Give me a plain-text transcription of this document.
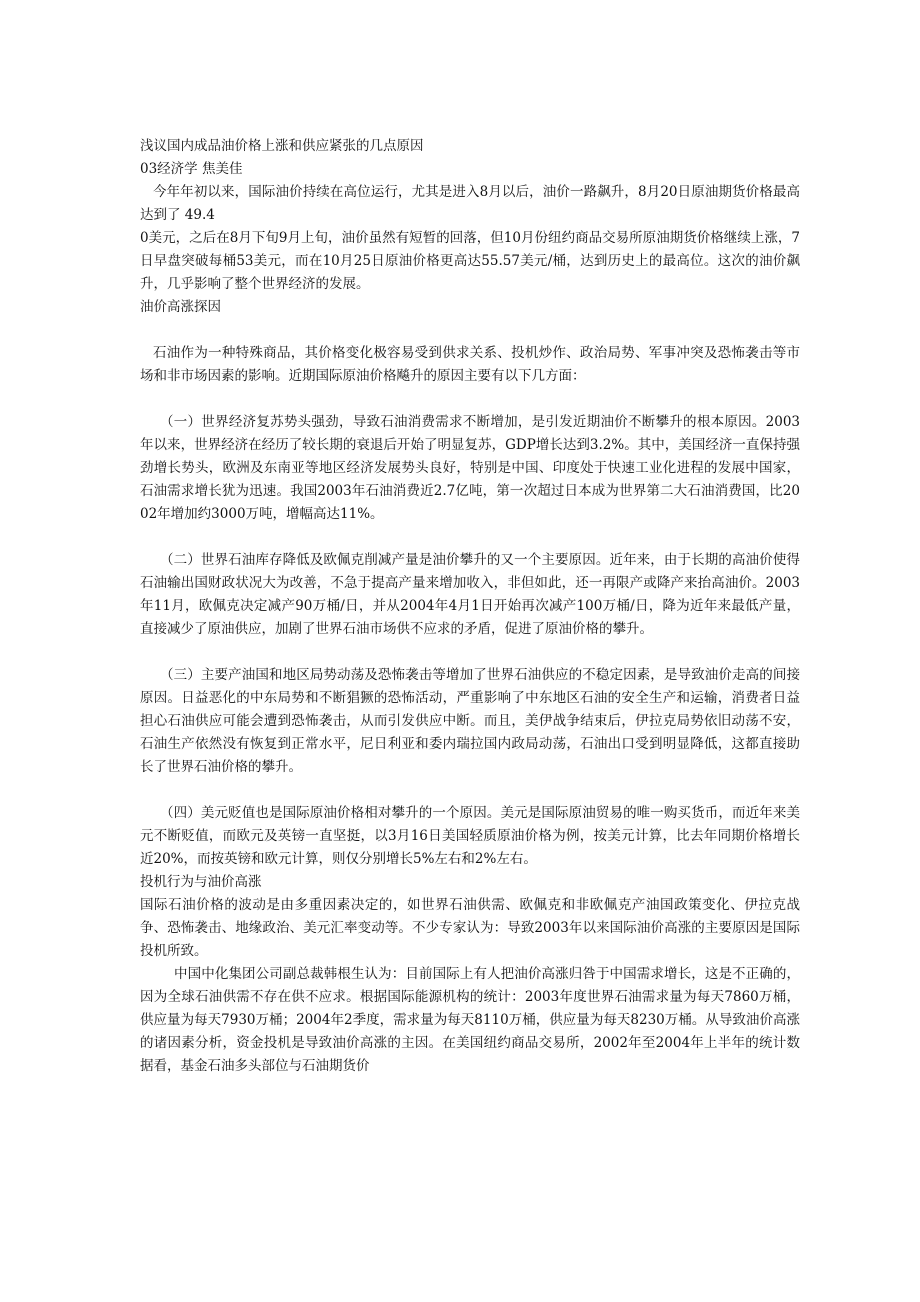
浅议国内成品油价格上涨和供应紧张的几点原因

03经济学 焦美佳

今年年初以来，国际油价持续在高位运行，尤其是进入8月以后，油价一路飙升，8月20日原油期货价格最高达到了 49.4

0美元，之后在8月下旬9月上旬，油价虽然有短暂的回落，但10月份纽约商品交易所原油期货价格继续上涨，7日早盘突破每桶53美元，而在10月25日原油价格更高达55.57美元/桶，达到历史上的最高位。这次的油价飙升，几乎影响了整个世界经济的发展。

油价高涨探因

石油作为一种特殊商品，其价格变化极容易受到供求关系、投机炒作、政治局势、军事冲突及恐怖袭击等市场和非市场因素的影响。近期国际原油价格飚升的原因主要有以下几方面：

（一）世界经济复苏势头强劲，导致石油消费需求不断增加，是引发近期油价不断攀升的根本原因。2003年以来，世界经济在经历了较长期的衰退后开始了明显复苏，GDP增长达到3.2%。其中，美国经济一直保持强劲增长势头，欧洲及东南亚等地区经济发展势头良好，特别是中国、印度处于快速工业化进程的发展中国家，石油需求增长犹为迅速。我国2003年石油消费近2.7亿吨，第一次超过日本成为世界第二大石油消费国，比2002年增加约3000万吨，增幅高达11%。

（二）世界石油库存降低及欧佩克削减产量是油价攀升的又一个主要原因。近年来，由于长期的高油价使得石油输出国财政状况大为改善，不急于提高产量来增加收入，非但如此，还一再限产或降产来抬高油价。2003年11月，欧佩克决定减产90万桶/日，并从2004年4月1日开始再次减产100万桶/日，降为近年来最低产量，直接减少了原油供应，加剧了世界石油市场供不应求的矛盾，促进了原油价格的攀升。

（三）主要产油国和地区局势动荡及恐怖袭击等增加了世界石油供应的不稳定因素，是导致油价走高的间接原因。日益恶化的中东局势和不断猖獗的恐怖活动，严重影响了中东地区石油的安全生产和运输，消费者日益担心石油供应可能会遭到恐怖袭击，从而引发供应中断。而且，美伊战争结束后，伊拉克局势依旧动荡不安，石油生产依然没有恢复到正常水平，尼日利亚和委内瑞拉国内政局动荡，石油出口受到明显降低，这都直接助长了世界石油价格的攀升。

（四）美元贬值也是国际原油价格相对攀升的一个原因。美元是国际原油贸易的唯一购买货币，而近年来美元不断贬值，而欧元及英镑一直坚挺，以3月16日美国轻质原油价格为例，按美元计算，比去年同期价格增长近20%，而按英镑和欧元计算，则仅分别增长5%左右和2%左右。

投机行为与油价高涨

国际石油价格的波动是由多重因素决定的，如世界石油供需、欧佩克和非欧佩克产油国政策变化、伊拉克战争、恐怖袭击、地缘政治、美元汇率变动等。不少专家认为：导致2003年以来国际油价高涨的主要原因是国际投机所致。

中国中化集团公司副总裁韩根生认为：目前国际上有人把油价高涨归咎于中国需求增长，这是不正确的，因为全球石油供需不存在供不应求。根据国际能源机构的统计：2003年度世界石油需求量为每天7860万桶，供应量为每天7930万桶；2004年2季度，需求量为每天8110万桶，供应量为每天8230万桶。从导致油价高涨的诸因素分析，资金投机是导致油价高涨的主因。在美国纽约商品交易所，2002年至2004年上半年的统计数据看，基金石油多头部位与石油期货价
